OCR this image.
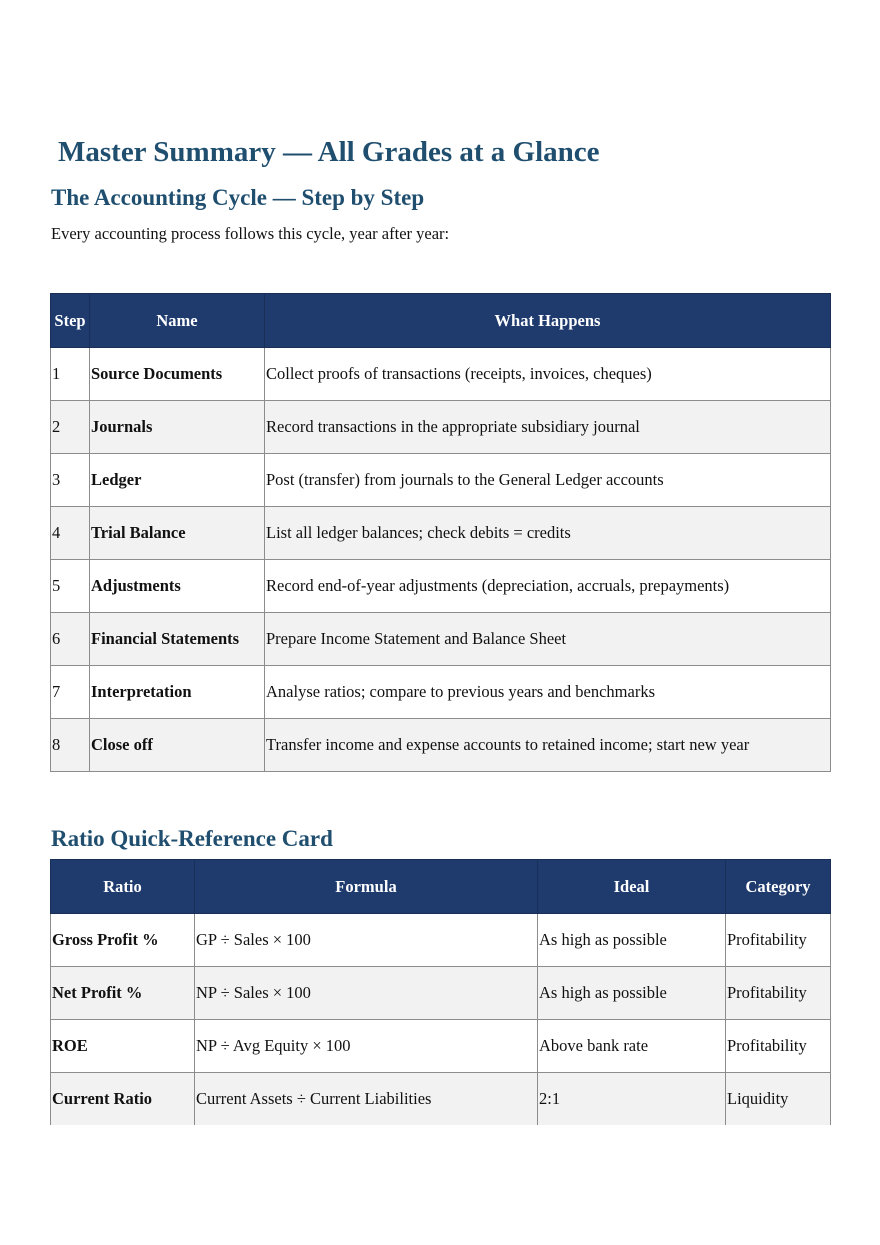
Master Summary — All Grades at a Glance
The Accounting Cycle — Step by Step

Every accounting process follows this cycle, year after year:

Step	Name	What Happens
1	Source Documents	Collect proofs of transactions (receipts, invoices, cheques)
2	Journals	Record transactions in the appropriate subsidiary journal
3	Ledger	Post (transfer) from journals to the General Ledger accounts
4	Trial Balance	List all ledger balances; check debits = credits
5	Adjustments	Record end-of-year adjustments (depreciation, accruals, prepayments)
6	Financial Statements	Prepare Income Statement and Balance Sheet
7	Interpretation	Analyse ratios; compare to previous years and benchmarks
8	Close off	Transfer income and expense accounts to retained income; start new year
Ratio Quick-Reference Card
Ratio	Formula	Ideal	Category
Gross Profit %	GP ÷ Sales × 100	As high as possible	Profitability
Net Profit %	NP ÷ Sales × 100	As high as possible	Profitability
ROE	NP ÷ Avg Equity × 100	Above bank rate	Profitability
Current Ratio	Current Assets ÷ Current Liabilities	2:1	Liquidity
